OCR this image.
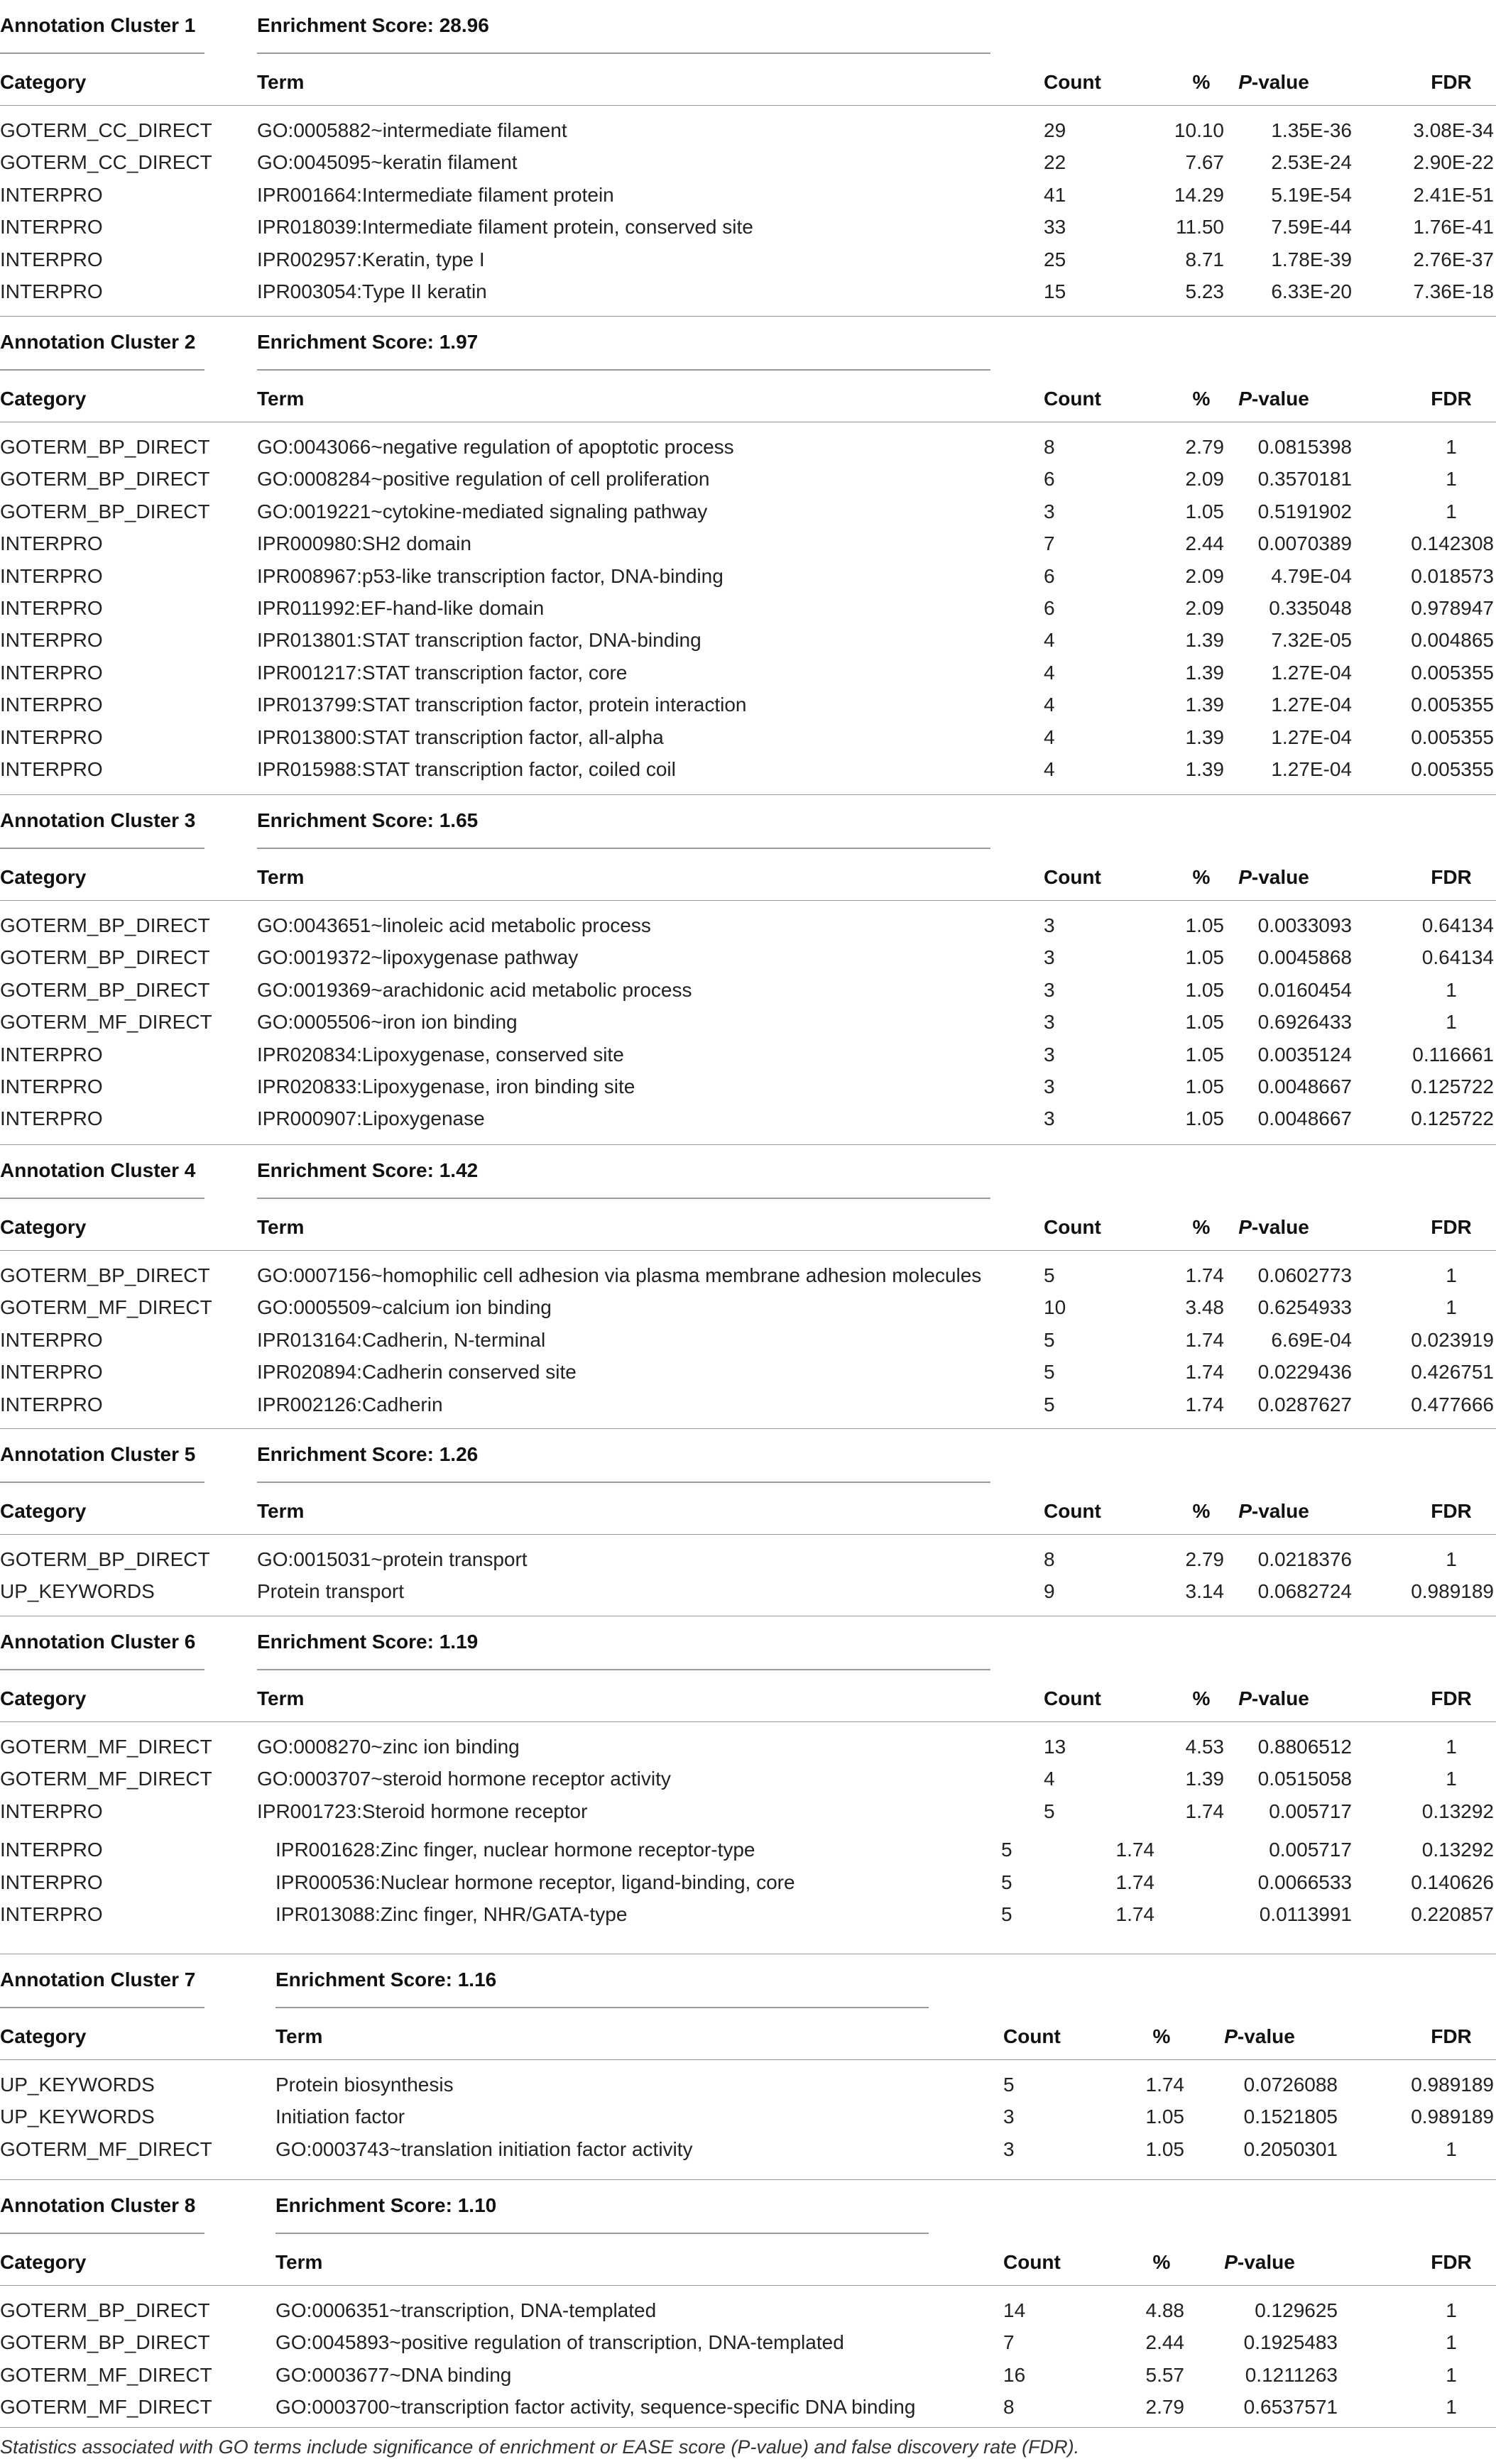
Annotation Cluster 1	Enrichment Score: 28.96
Category	Term	Count	%	P-value	FDR
GOTERM_CC_DIRECT GO:0005882~intermediate filament	29	10.10	1.35E-36	3.08E-34
GOTERM_CC_DIRECT GO:0045095~keratin filament	22	7.67	2.53E-24	2.90E-22
INTERPRO	IPR001664:Intermediate filament protein	41	14.29	5.19E-54	2.41E-51
INTERPRO	IPR018039:Intermediate filament protein, conserved site	33	11.50	7.59E-44	1.76E-41
INTERPRO	IPR002957:Keratin, type I	25	8.71	1.78E-39	2.76E-37
INTERPRO	IPR003054:Type II keratin	15	5.23	6.33E-20	7.36E-18
Annotation Cluster 2	Enrichment Score: 1.97
Category	Term	Count	%	P-value	FDR
GOTERM_BP_DIRECT GO:0043066~negative regulation of apoptotic process	8	2.79	0.0815398	1
GOTERM_BP_DIRECT GO:0008284~positive regulation of cell proliferation	6	2.09	0.3570181	1
GOTERM_BP_DIRECT GO:0019221~cytokine-mediated signaling pathway	3	1.05	0.5191902	1
INTERPRO	IPR000980:SH2 domain	7	2.44	0.0070389	0.142308
INTERPRO	IPR008967:p53-like transcription factor, DNA-binding	6	2.09	4.79E-04	0.018573
INTERPRO	IPR011992:EF-hand-like domain	6	2.09	0.335048	0.978947
INTERPRO	IPR013801:STAT transcription factor, DNA-binding	4	1.39	7.32E-05	0.004865
INTERPRO	IPR001217:STAT transcription factor, core	4	1.39	1.27E-04	0.005355
INTERPRO	IPR013799:STAT transcription factor, protein interaction	4	1.39	1.27E-04	0.005355
INTERPRO	IPR013800:STAT transcription factor, all-alpha	4	1.39	1.27E-04	0.005355
INTERPRO	IPR015988:STAT transcription factor, coiled coil	4	1.39	1.27E-04	0.005355
Annotation Cluster 3	Enrichment Score: 1.65
Category	Term	Count	%	P-value	FDR
GOTERM_BP_DIRECT GO:0043651~linoleic acid metabolic process	3	1.05	0.0033093	0.64134
GOTERM_BP_DIRECT GO:0019372~lipoxygenase pathway	3	1.05	0.0045868	0.64134
GOTERM_BP_DIRECT GO:0019369~arachidonic acid metabolic process	3	1.05	0.0160454	1
GOTERM_MF_DIRECT GO:0005506~iron ion binding	3	1.05	0.6926433	1
INTERPRO	IPR020834:Lipoxygenase, conserved site	3	1.05	0.0035124	0.116661
INTERPRO	IPR020833:Lipoxygenase, iron binding site	3	1.05	0.0048667	0.125722
INTERPRO	IPR000907:Lipoxygenase	3	1.05	0.0048667	0.125722
Annotation Cluster 4	Enrichment Score: 1.42
Category	Term	Count	%	P-value	FDR
GOTERM_BP_DIRECT GO:0007156~homophilic cell adhesion via plasma membrane adhesion molecules	5	1.74	0.0602773	1
GOTERM_MF_DIRECT GO:0005509~calcium ion binding	10	3.48	0.6254933	1
INTERPRO	IPR013164:Cadherin, N-terminal	5	1.74	6.69E-04	0.023919
INTERPRO	IPR020894:Cadherin conserved site	5	1.74	0.0229436	0.426751
INTERPRO	IPR002126:Cadherin	5	1.74	0.0287627	0.477666
Annotation Cluster 5	Enrichment Score: 1.26
Category	Term	Count	%	P-value	FDR
GOTERM_BP_DIRECT GO:0015031~protein transport	8	2.79	0.0218376	1
UP_KEYWORDS	Protein transport	9	3.14	0.0682724	0.989189
Annotation Cluster 6	Enrichment Score: 1.19
Category	Term	Count	%	P-value	FDR
GOTERM_MF_DIRECT GO:0008270~zinc ion binding	13	4.53	0.8806512	1
GOTERM_MF_DIRECT GO:0003707~steroid hormone receptor activity	4	1.39	0.0515058	1
INTERPRO	IPR001723:Steroid hormone receptor	5	1.74	0.005717	0.13292
INTERPRO	IPR001628:Zinc finger, nuclear hormone receptor-type	5	1.74	0.005717	0.13292
INTERPRO	IPR000536:Nuclear hormone receptor, ligand-binding, core	5	1.74	0.0066533	0.140626
INTERPRO	IPR013088:Zinc finger, NHR/GATA-type	5	1.74	0.0113991	0.220857
Annotation Cluster 7	Enrichment Score: 1.16
Category	Term	Count	%	P-value	FDR
UP_KEYWORDS	Protein biosynthesis	5	1.74	0.0726088	0.989189
UP_KEYWORDS	Initiation factor	3	1.05	0.1521805	0.989189
GOTERM_MF_DIRECT	GO:0003743~translation initiation factor activity	3	1.05	0.2050301	1
Annotation Cluster 8	Enrichment Score: 1.10
Category	Term	Count	%	P-value	FDR
GOTERM_BP_DIRECT	GO:0006351~transcription, DNA-templated	14	4.88	0.129625	1
GOTERM_BP_DIRECT	GO:0045893~positive regulation of transcription, DNA-templated	7	2.44	0.1925483	1
GOTERM_MF_DIRECT	GO:0003677~DNA binding	16	5.57	0.1211263	1
GOTERM_MF_DIRECT	GO:0003700~transcription factor activity, sequence-specific DNA binding	8	2.79	0.6537571	1
Statistics associated with GO terms include significance of enrichment or EASE score (P-value) and false discovery rate (FDR).
